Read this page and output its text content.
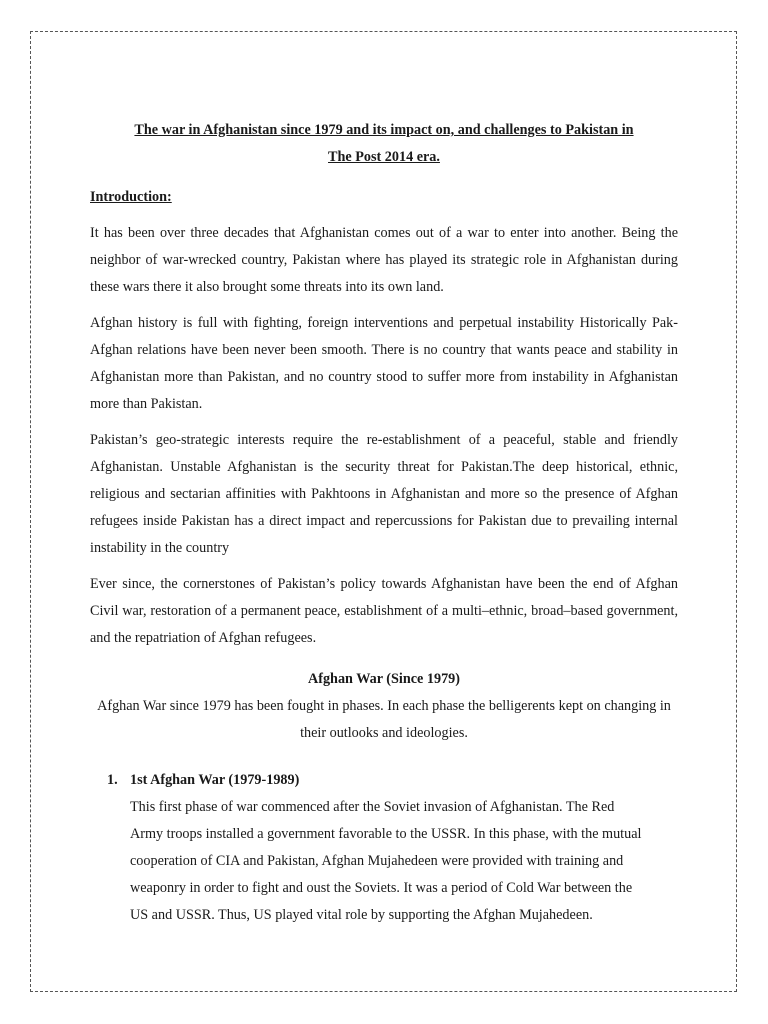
The war in Afghanistan since 1979 and its impact on, and challenges to Pakistan in
The Post 2014 era.

Introduction:

It has been over three decades that Afghanistan comes out of a war to enter into another. Being the neighbor of war-wrecked country, Pakistan where has played its strategic role in Afghanistan during these wars there it also brought some threats into its own land.

Afghan history is full with fighting, foreign interventions and perpetual instability Historically Pak-Afghan relations have been never been smooth. There is no country that wants peace and stability in Afghanistan more than Pakistan, and no country stood to suffer more from instability in Afghanistan more than Pakistan.

Pakistan’s geo-strategic interests require the re-establishment of a peaceful, stable and friendly Afghanistan. Unstable Afghanistan is the security threat for Pakistan.The deep historical, ethnic, religious and sectarian affinities with Pakhtoons in Afghanistan and more so the presence of Afghan refugees inside Pakistan has a direct impact and repercussions for Pakistan due to prevailing internal instability in the country

Ever since, the cornerstones of Pakistan’s policy towards Afghanistan have been the end of Afghan Civil war, restoration of a permanent peace, establishment of a multi–ethnic, broad–based government, and the repatriation of Afghan refugees.

Afghan War (Since 1979)

Afghan War since 1979 has been fought in phases. In each phase the belligerents kept on changing in their outlooks and ideologies.

1. 1st Afghan War (1979-1989)

This first phase of war commenced after the Soviet invasion of Afghanistan. The Red Army troops installed a government favorable to the USSR. In this phase, with the mutual cooperation of CIA and Pakistan, Afghan Mujahedeen were provided with training and weaponry in order to fight and oust the Soviets. It was a period of Cold War between the US and USSR. Thus, US played vital role by supporting the Afghan Mujahedeen.
